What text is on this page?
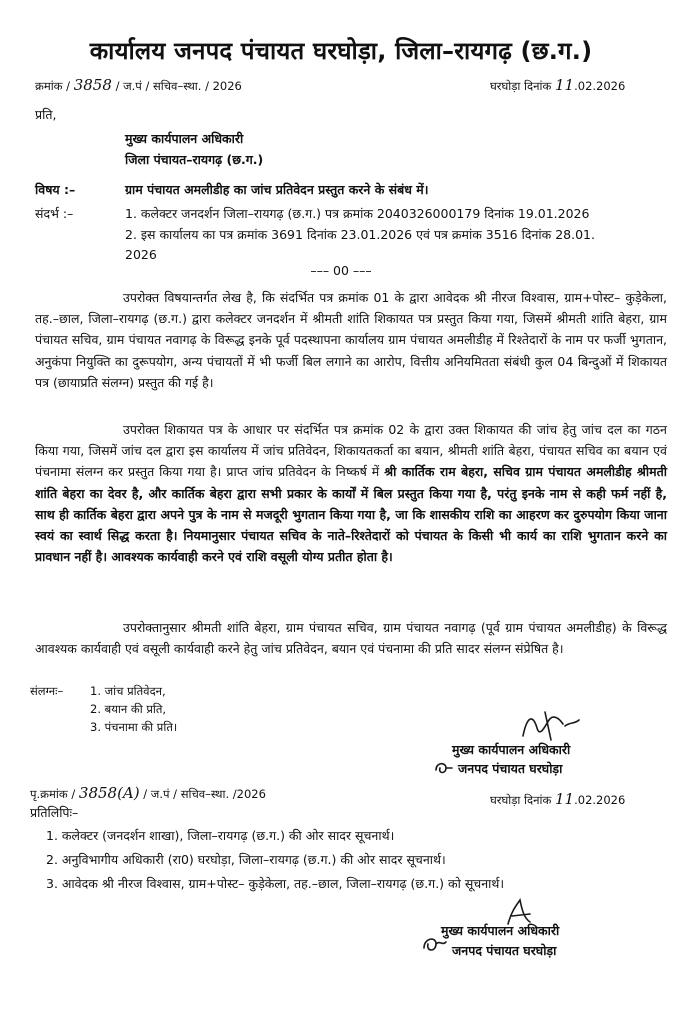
कार्यालय जनपद पंचायत घरघोड़ा, जिला–रायगढ़ (छ.ग.)
क्रमांक / 3858 / ज.पं / सचिव–स्था. / 2026	घरघोड़ा दिनांक 11.02.2026
प्रति,
मुख्य कार्यपालन अधिकारी
जिला पंचायत–रायगढ़ (छ.ग.)
विषय :–	ग्राम पंचायत अमलीडीह का जांच प्रतिवेदन प्रस्तुत करने के संबंध में।
संदर्भ :–	1. कलेक्टर जनदर्शन जिला–रायगढ़ (छ.ग.) पत्र क्रमांक 2040326000179 दिनांक 19.01.2026
2. इस कार्यालय का पत्र क्रमांक 3691 दिनांक 23.01.2026 एवं पत्र क्रमांक 3516 दिनांक 28.01.
2026
––– 00 –––
उपरोक्त विषयान्तर्गत लेख है, कि संदर्भित पत्र क्रमांक 01 के द्वारा आवेदक श्री नीरज विश्वास, ग्राम+पोस्ट– कुड़ेकेला, तह.–छाल, जिला–रायगढ़ (छ.ग.) द्वारा कलेक्टर जनदर्शन में श्रीमती शांति शिकायत पत्र प्रस्तुत किया गया, जिसमें श्रीमती शांति बेहरा, ग्राम पंचायत सचिव, ग्राम पंचायत नवागढ़ के विरूद्ध इनके पूर्व पदस्थापना कार्यालय ग्राम पंचायत अमलीडीह में रिश्तेदारों के नाम पर फर्जी भुगतान, अनुकंपा नियुक्ति का दुरूपयोग, अन्य पंचायतों में भी फर्जी बिल लगाने का आरोप, वित्तीय अनियमितता संबंधी कुल 04 बिन्दुओं में शिकायत पत्र (छायाप्रति संलग्न) प्रस्तुत की गई है।
उपरोक्त शिकायत पत्र के आधार पर संदर्भित पत्र क्रमांक 02 के द्वारा उक्त शिकायत की जांच हेतु जांच दल का गठन किया गया, जिसमें जांच दल द्वारा इस कार्यालय में जांच प्रतिवेदन, शिकायतकर्ता का बयान, श्रीमती शांति बेहरा, पंचायत सचिव का बयान एवं पंचनामा संलग्न कर प्रस्तुत किया गया है। प्राप्त जांच प्रतिवेदन के निष्कर्ष में श्री कार्तिक राम बेहरा, सचिव ग्राम पंचायत अमलीडीह श्रीमती शांति बेहरा का देवर है, और कार्तिक बेहरा द्वारा सभी प्रकार के कार्यों में बिल प्रस्तुत किया गया है, परंतु इनके नाम से कही फर्म नहीं है, साथ ही कार्तिक बेहरा द्वारा अपने पुत्र के नाम से मजदूरी भुगतान किया गया है, जा कि शासकीय राशि का आहरण कर दुरुपयोग किया जाना स्वयं का स्वार्थ सिद्ध करता है। नियमानुसार पंचायत सचिव के नाते–रिश्तेदारों को पंचायत के किसी भी कार्य का राशि भुगतान करने का प्रावधान नहीं है। आवश्यक कार्यवाही करने एवं राशि वसूली योग्य प्रतीत होता है।
उपरोक्तानुसार श्रीमती शांति बेहरा, ग्राम पंचायत सचिव, ग्राम पंचायत नवागढ़ (पूर्व ग्राम पंचायत अमलीडीह) के विरूद्ध आवश्यक कार्यवाही एवं वसूली कार्यवाही करने हेतु जांच प्रतिवेदन, बयान एवं पंचनामा की प्रति सादर संलग्न संप्रेषित है।
संलग्नः– 1. जांच प्रतिवेदन,
2. बयान की प्रति,
3. पंचनामा की प्रति।
मुख्य कार्यपालन अधिकारी
जनपद पंचायत घरघोड़ा
पृ.क्रमांक / 3858(A) / ज.पं / सचिव–स्था. /2026	घरघोड़ा दिनांक 11.02.2026
प्रतिलिपिः–
1. कलेक्टर (जनदर्शन शाखा), जिला–रायगढ़ (छ.ग.) की ओर सादर सूचनार्थ।
2. अनुविभागीय अधिकारी (रा0) घरघोड़ा, जिला–रायगढ़ (छ.ग.) की ओर सादर सूचनार्थ।
3. आवेदक श्री नीरज विश्वास, ग्राम+पोस्ट– कुड़ेकेला, तह.–छाल, जिला–रायगढ़ (छ.ग.) को सूचनार्थ।
मुख्य कार्यपालन अधिकारी
जनपद पंचायत घरघोड़ा
